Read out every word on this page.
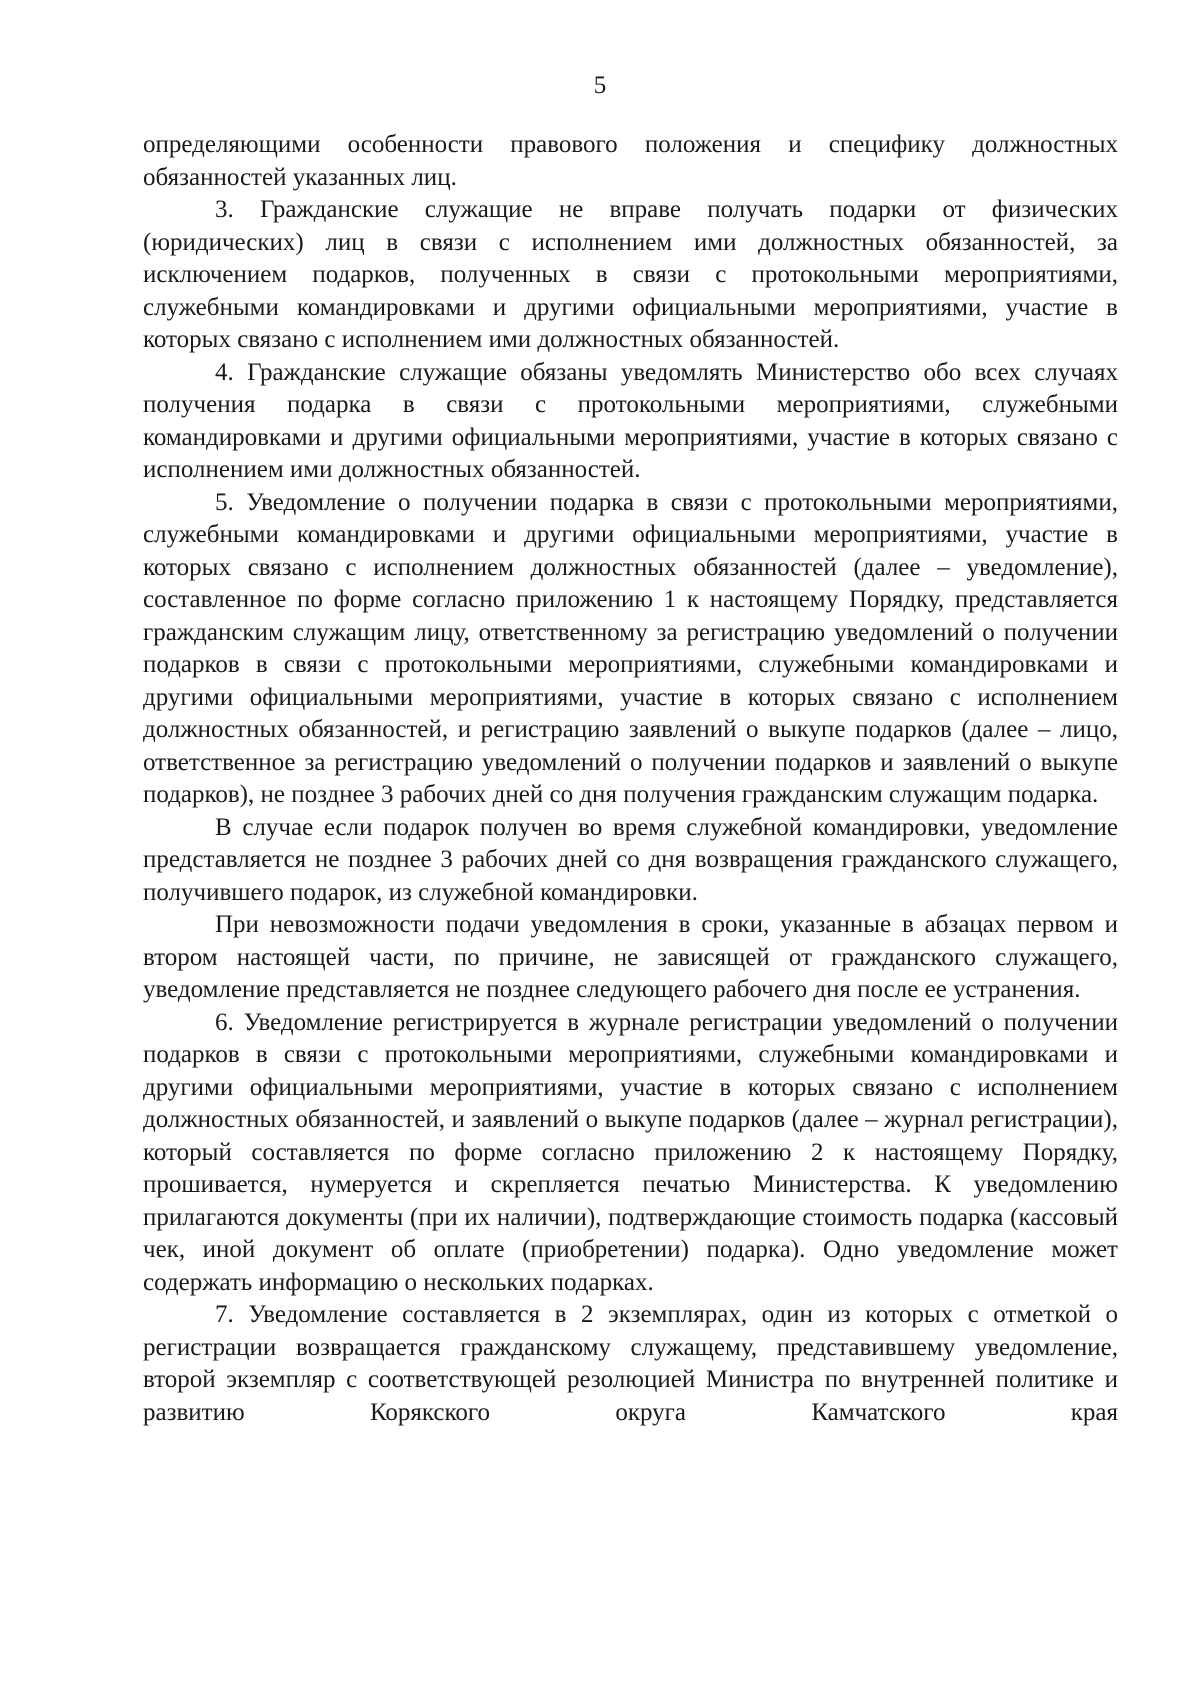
5

определяющими особенности правового положения и специфику должностных обязанностей указанных лиц.

3. Гражданские служащие не вправе получать подарки от физических (юридических) лиц в связи с исполнением ими должностных обязанностей, за исключением подарков, полученных в связи с протокольными мероприятиями, служебными командировками и другими официальными мероприятиями, участие в которых связано с исполнением ими должностных обязанностей.

4. Гражданские служащие обязаны уведомлять Министерство обо всех случаях получения подарка в связи с протокольными мероприятиями, служебными командировками и другими официальными мероприятиями, участие в которых связано с исполнением ими должностных обязанностей.

5. Уведомление о получении подарка в связи с протокольными мероприятиями, служебными командировками и другими официальными мероприятиями, участие в которых связано с исполнением должностных обязанностей (далее – уведомление), составленное по форме согласно приложению 1 к настоящему Порядку, представляется гражданским служащим лицу, ответственному за регистрацию уведомлений о получении подарков в связи с протокольными мероприятиями, служебными командировками и другими официальными мероприятиями, участие в которых связано с исполнением должностных обязанностей, и регистрацию заявлений о выкупе подарков (далее – лицо, ответственное за регистрацию уведомлений о получении подарков и заявлений о выкупе подарков), не позднее 3 рабочих дней со дня получения гражданским служащим подарка.

В случае если подарок получен во время служебной командировки, уведомление представляется не позднее 3 рабочих дней со дня возвращения гражданского служащего, получившего подарок, из служебной командировки.

При невозможности подачи уведомления в сроки, указанные в абзацах первом и втором настоящей части, по причине, не зависящей от гражданского служащего, уведомление представляется не позднее следующего рабочего дня после ее устранения.

6. Уведомление регистрируется в журнале регистрации уведомлений о получении подарков в связи с протокольными мероприятиями, служебными командировками и другими официальными мероприятиями, участие в которых связано с исполнением должностных обязанностей, и заявлений о выкупе подарков (далее – журнал регистрации), который составляется по форме согласно приложению 2 к настоящему Порядку, прошивается, нумеруется и скрепляется печатью Министерства. К уведомлению прилагаются документы (при их наличии), подтверждающие стоимость подарка (кассовый чек, иной документ об оплате (приобретении) подарка). Одно уведомление может содержать информацию о нескольких подарках.

7. Уведомление составляется в 2 экземплярах, один из которых с отметкой о регистрации возвращается гражданскому служащему, представившему уведомление, второй экземпляр с соответствующей резолюцией Министра по внутренней политике и развитию Корякского округа Камчатского края
